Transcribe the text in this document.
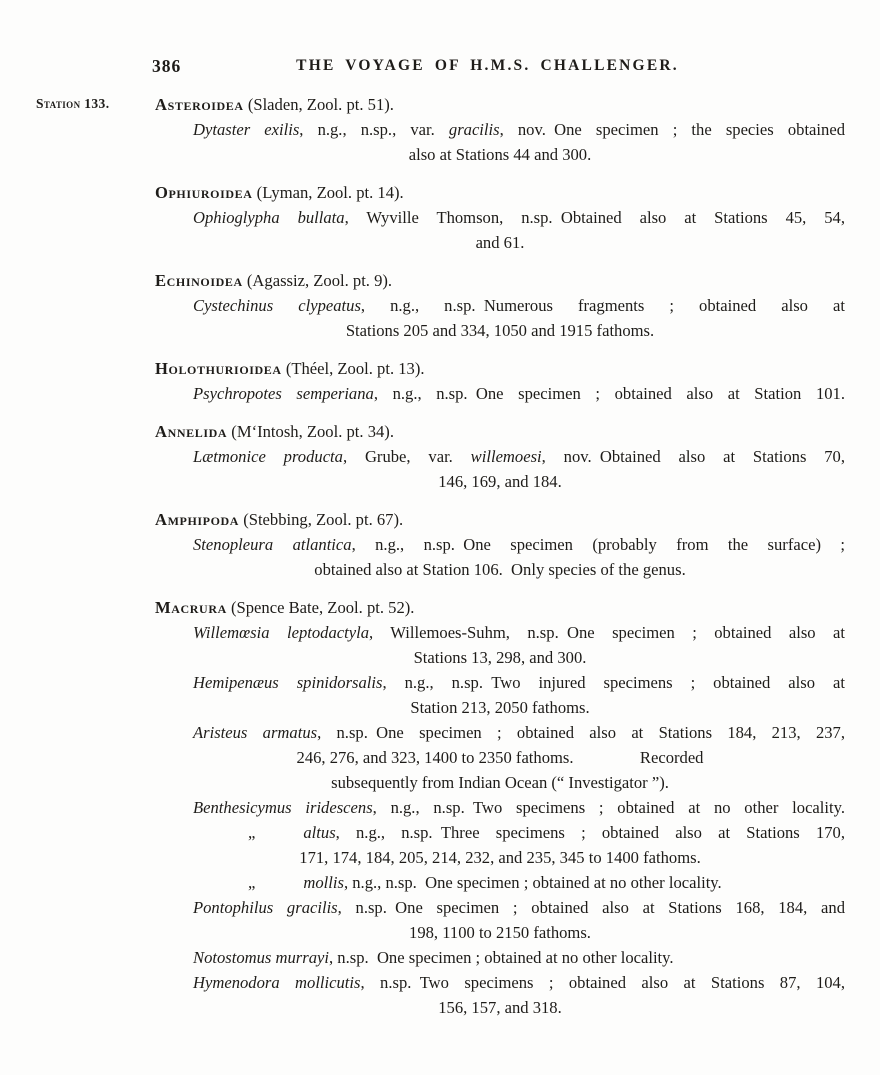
386	THE VOYAGE OF H.M.S. CHALLENGER.
Station 133.	Asteroidea (Sladen, Zool. pt. 51).
Dytaster exilis, n.g., n.sp., var. gracilis, nov. One specimen ; the species obtained
also at Stations 44 and 300.
Ophiuroidea (Lyman, Zool. pt. 14).
Ophioglypha bullata, Wyville Thomson, n.sp. Obtained also at Stations 45, 54,
and 61.
Echinoidea (Agassiz, Zool. pt. 9).
Cystechinus clypeatus, n.g., n.sp. Numerous fragments ; obtained also at
Stations 205 and 334, 1050 and 1915 fathoms.
Holothurioidea (Théel, Zool. pt. 13).
Psychropotes semperiana, n.g., n.sp. One specimen ; obtained also at Station 101.
Annelida (M‘Intosh, Zool. pt. 34).
Lætmonice producta, Grube, var. willemoesi, nov. Obtained also at Stations 70,
146, 169, and 184.
Amphipoda (Stebbing, Zool. pt. 67).
Stenopleura atlantica, n.g., n.sp. One specimen (probably from the surface) ;
obtained also at Station 106. Only species of the genus.
Macrura (Spence Bate, Zool. pt. 52).
Willemœsia leptodactyla, Willemoes-Suhm, n.sp. One specimen ; obtained also at
Stations 13, 298, and 300.
Hemipenæus spinidorsalis, n.g., n.sp. Two injured specimens ; obtained also at
Station 213, 2050 fathoms.
Aristeus armatus, n.sp. One specimen ; obtained also at Stations 184, 213, 237,
246, 276, and 323, 1400 to 2350 fathoms.    Recorded
subsequently from Indian Ocean (“ Investigator ”).
Benthesicymus iridescens, n.g., n.sp. Two specimens ; obtained at no other locality.
„	altus, n.g., n.sp. Three specimens ; obtained also at Stations 170,
171, 174, 184, 205, 214, 232, and 235, 345 to 1400 fathoms.
„	mollis, n.g., n.sp. One specimen ; obtained at no other locality.
Pontophilus gracilis, n.sp. One specimen ; obtained also at Stations 168, 184, and
198, 1100 to 2150 fathoms.
Notostomus murrayi, n.sp. One specimen ; obtained at no other locality.
Hymenodora mollicutis, n.sp. Two specimens ; obtained also at Stations 87, 104,
156, 157, and 318.
